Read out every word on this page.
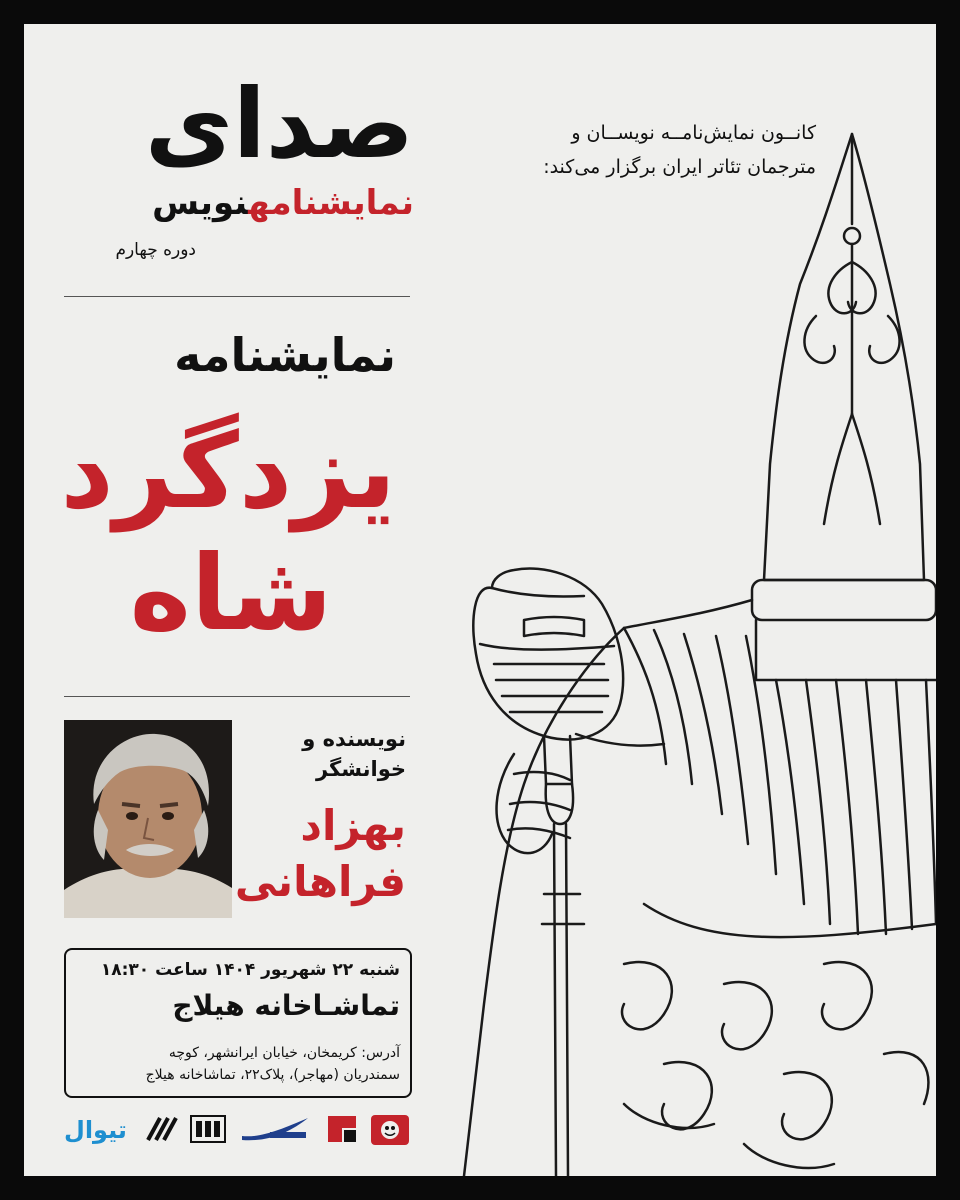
صدای
نمایشنامهنویس
دوره چهارم
کانــون نمایش‌نامــه نویســان و
مترجمان تئاتر ایران برگزار می‌کند:
نمایشنامه
یزدگرد
شاه
نویسنده و
خوانشگر
بهزاد
فراهانی
شنبه ۲۲ شهریور ۱۴۰۴ ساعت ۱۸:۳۰
تماشـاخانه هیلاج
آدرس: کریمخان، خیابان ایرانشهر، کوچه
سمندریان (مهاجر)، پلاک۲۲، تماشاخانه هیلاج
تیوال
